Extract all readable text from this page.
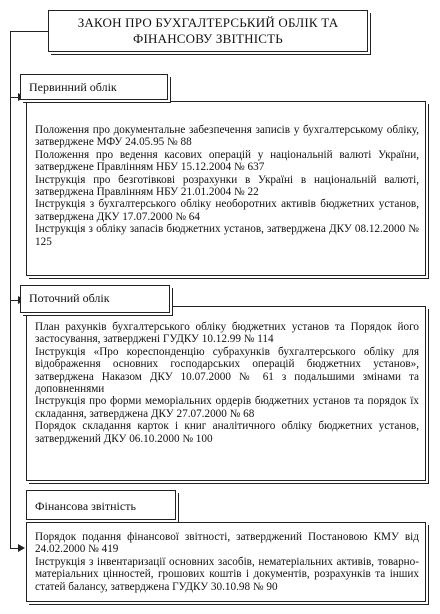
ЗАКОН ПРО БУХГАЛТЕРСЬКИЙ ОБЛІК ТА ФІНАНСОВУ ЗВІТНІСТЬ

Положення про документальне забезпечення записів у бухгалтерському обліку, затверджене МФУ 24.05.95 № 88

Положення про ведення касових операцій у національній валюті України, затверджене Правлінням НБУ 15.12.2004 № 637

Інструкція про безготівкові розрахунки в Україні в національній валюті, затверджена Правлінням НБУ 21.01.2004 № 22

Інструкція з бухгалтерського обліку необоротних активів бюджетних установ, затверджена ДКУ 17.07.2000 № 64

Інструкція з обліку запасів бюджетних установ, затверджена ДКУ 08.12.2000 № 125

Первинний облік

План рахунків бухгалтерського обліку бюджетних установ та Порядок його застосування, затверджені ГУДКУ 10.12.99 № 114

Інструкція «Про кореспонденцію субрахунків бухгалтерського обліку для відображення основних господарських операцій бюджетних установ», затверджена Наказом ДКУ 10.07.2000 № 61 з подальшими змінами та доповненнями

Інструкція про форми меморіальних ордерів бюджетних установ та порядок їх складання, затверджена ДКУ 27.07.2000 № 68

Порядок складання карток і книг аналітичного обліку бюджетних установ, затверджений ДКУ 06.10.2000 № 100

Поточний облік

Порядок подання фінансової звітності, затверджений Постановою КМУ від 24.02.2000 № 419

Інструкція з інвентаризації основних засобів, нематеріальних активів, товарно-матеріальних цінностей, грошових коштів і документів, розрахунків та інших статей балансу, затверджена ГУДКУ 30.10.98 № 90

Фінансова звітність
